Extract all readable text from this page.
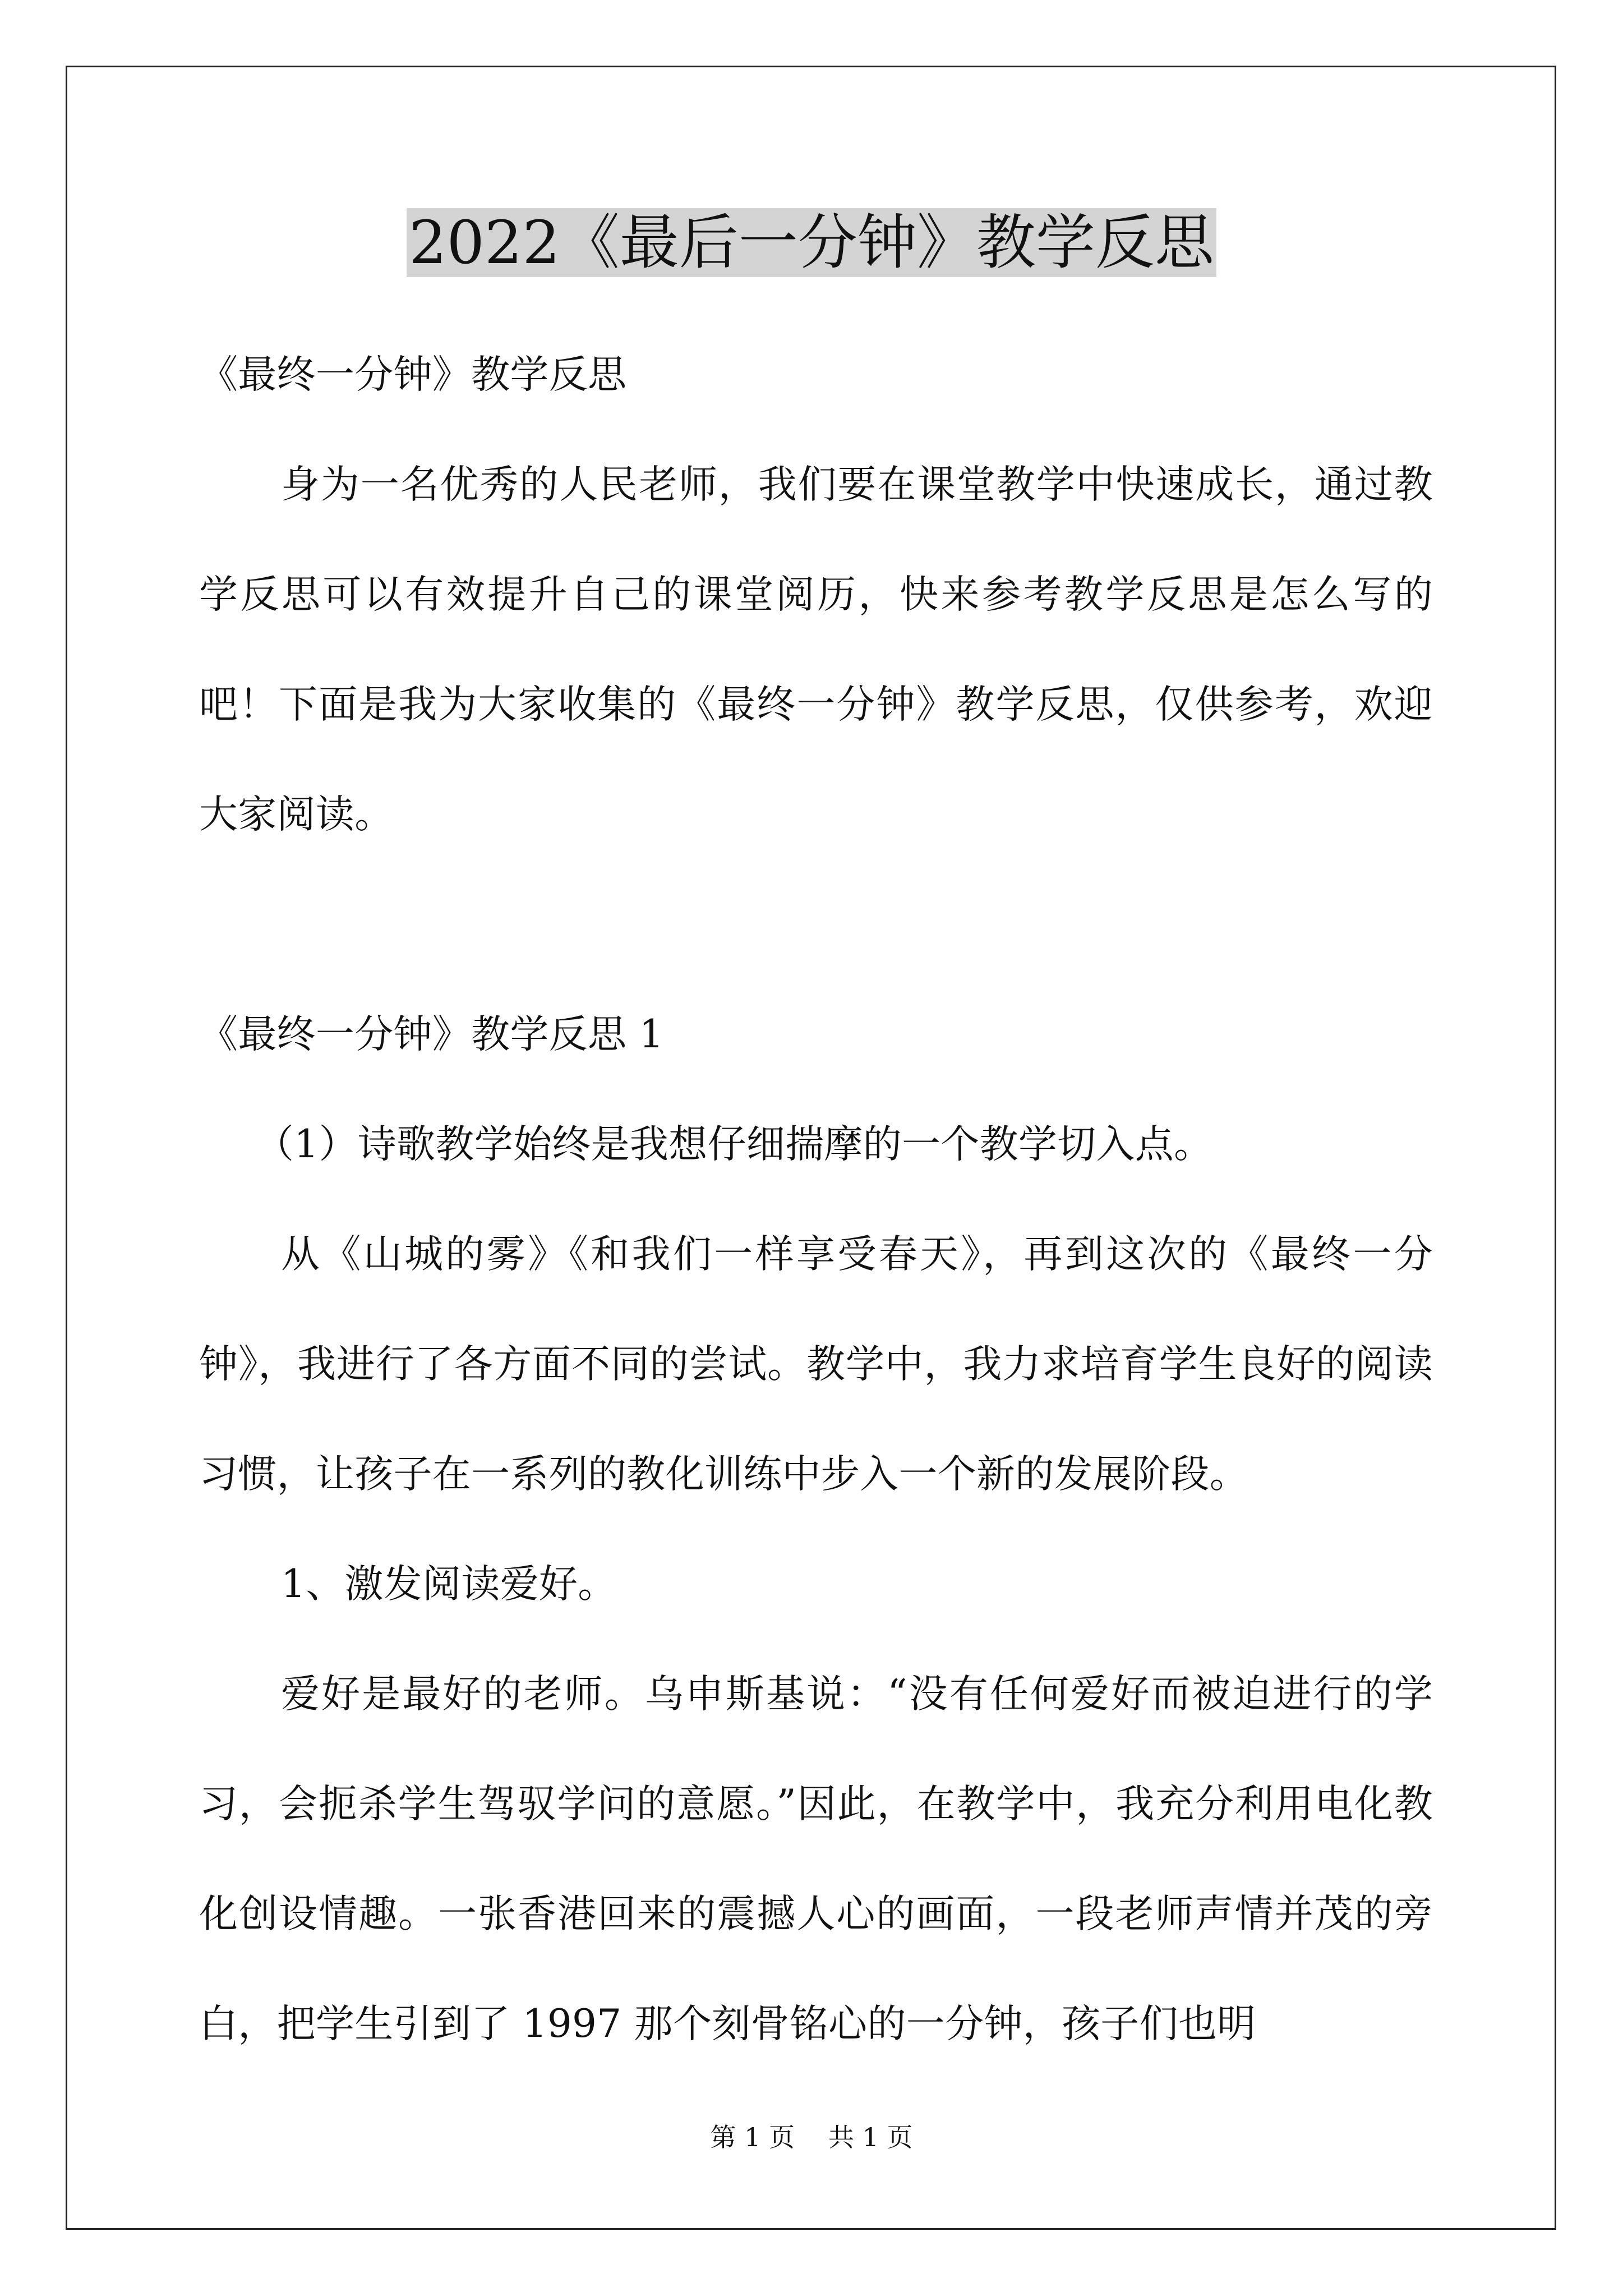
2022《最后一分钟》教学反思

《最终一分钟》教学反思

身为一名优秀的人民老师，我们要在课堂教学中快速成长，通过教学反思可以有效提升自己的课堂阅历，快来参考教学反思是怎么写的吧！下面是我为大家收集的《最终一分钟》教学反思，仅供参考，欢迎大家阅读。

《最终一分钟》教学反思 1

（1）诗歌教学始终是我想仔细揣摩的一个教学切入点。

从《山城的雾》《和我们一样享受春天》，再到这次的《最终一分钟》，我进行了各方面不同的尝试。教学中，我力求培育学生良好的阅读习惯，让孩子在一系列的教化训练中步入一个新的发展阶段。

1、激发阅读爱好。

爱好是最好的老师。乌申斯基说：“没有任何爱好而被迫进行的学习，会扼杀学生驾驭学问的意愿。”因此，在教学中，我充分利用电化教化创设情趣。一张香港回来的震撼人心的画面，一段老师声情并茂的旁白，把学生引到了 1997 那个刻骨铭心的一分钟，孩子们也明

第 1 页 共 1 页
